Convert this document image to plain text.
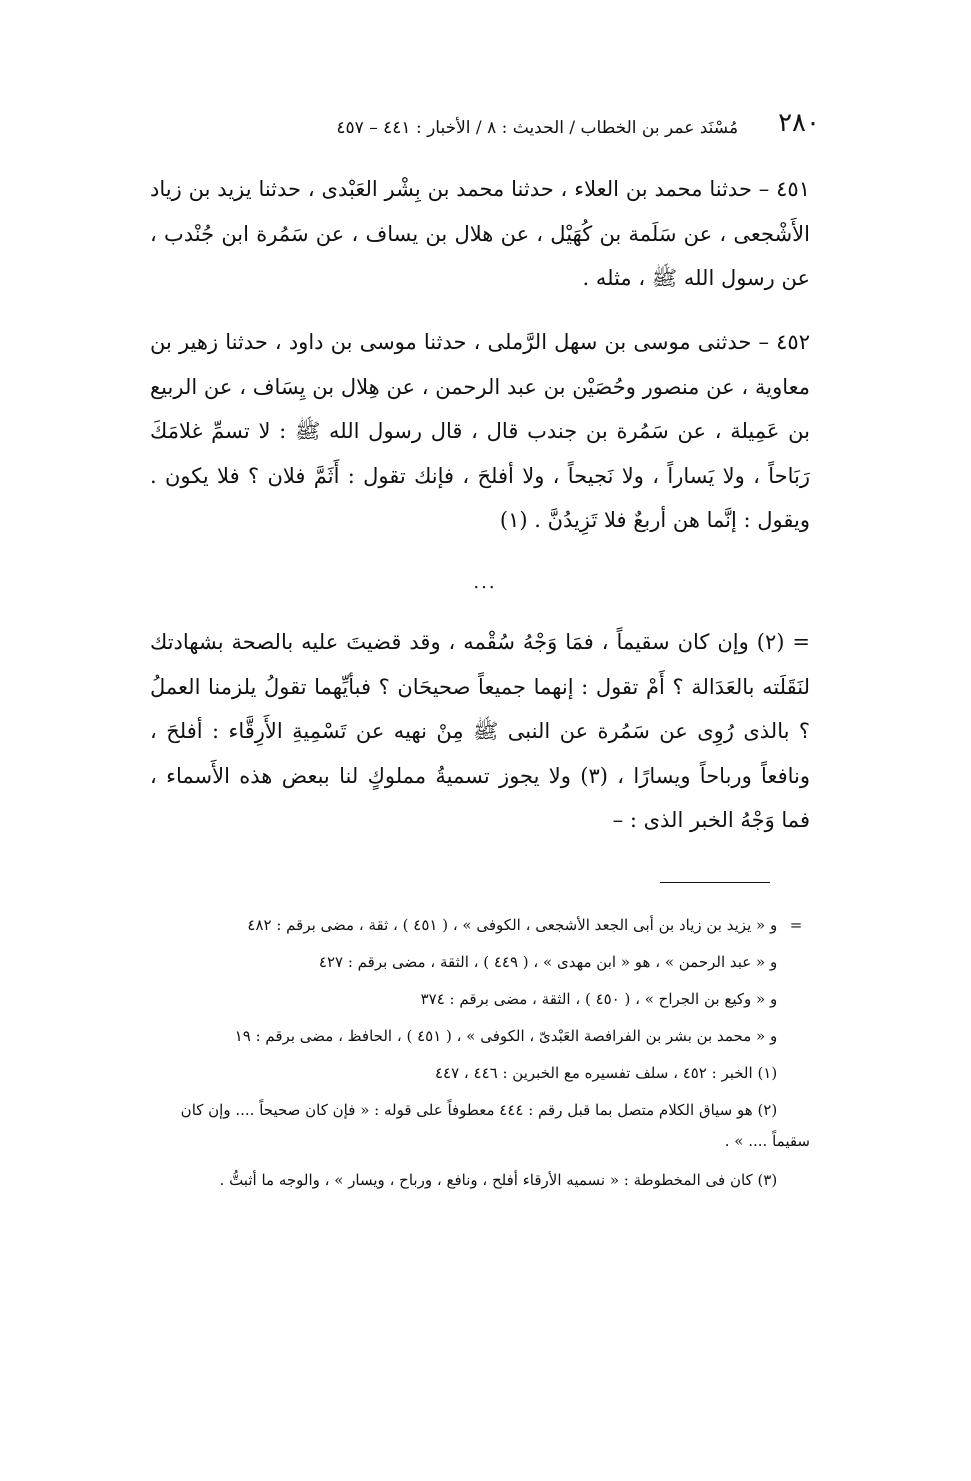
٢٨٠
مُسْنَد عمر بن الخطاب / الحديث : ٨ / الأخبار : ٤٤١ – ٤٥٧

٤٥١ – حدثنا محمد بن العلاء ، حدثنا محمد بن بِشْر العَبْدى ، حدثنا يزيد بن زياد الأَشْجعى ، عن سَلَمة بن كُهَيْل ، عن هلال بن يساف ، عن سَمُرة ابن جُنْدب ، عن رسول الله ﷺ ، مثله .

٤٥٢ – حدثنى موسى بن سهل الرَّملى ، حدثنا موسى بن داود ، حدثنا زهير بن معاوية ، عن منصور وحُصَيْن بن عبد الرحمن ، عن هِلال بن يِسَاف ، عن الربيع بن عَمِيلة ، عن سَمُرة بن جندب قال ، قال رسول الله ﷺ : لا تسمِّ غلامَكَ رَبَاحاً ، ولا يَساراً ، ولا نَجيحاً ، ولا أفلحَ ، فإنك تقول : أَثَمَّ فلان ؟ فلا يكون . ويقول : إنَّما هن أربعٌ فلا تَزِيدُنَّ . (١)

...

= (٢) وإن كان سقيماً ، فمَا وَجْهُ سُقْمه ، وقد قضيتَ عليه بالصحة بشهادتك لنَقَلَته بالعَدَالة ؟ أَمْ تقول : إنهما جميعاً صحيحَان ؟ فبأيِّهما تقولُ يلزمنا العملُ ؟ بالذى رُوِى عن سَمُرة عن النبى ﷺ مِنْ نهيه عن تَسْمِيةِ الأَرِقَّاء : أفلحَ ، ونافعاً ورباحاً ويسارًا ، (٣) ولا يجوز تسميةُ مملوكٍ لنا ببعض هذه الأَسماء ، فما وَجْهُ الخبر الذى : –

= و « يزيد بن زياد بن أبى الجعد الأشجعى ، الكوفى » ، ( ٤٥١ ) ، ثقة ، مضى برقم : ٤٨٢

و « عبد الرحمن » ، هو « ابن مهدى » ، ( ٤٤٩ ) ، الثقة ، مضى برقم : ٤٢٧

و « وكيع بن الجراح » ، ( ٤٥٠ ) ، الثقة ، مضى برقم : ٣٧٤

و « محمد بن بشر بن الفرافصة العَبْدىّ ، الكوفى » ، ( ٤٥١ ) ، الحافظ ، مضى برقم : ١٩

(١) الخبر : ٤٥٢ ، سلف تفسيره مع الخبرين : ٤٤٦ ، ٤٤٧

(٢) هو سياق الكلام متصل بما قبل رقم : ٤٤٤ معطوفاً على قوله : « فإن كان صحيحاً .... وإن كان سقيماً .... » .

(٣) كان فى المخطوطة : « نسميه الأرقاء أفلح ، ونافع ، ورباح ، ويسار » ، والوجه ما أثبتُّ .
